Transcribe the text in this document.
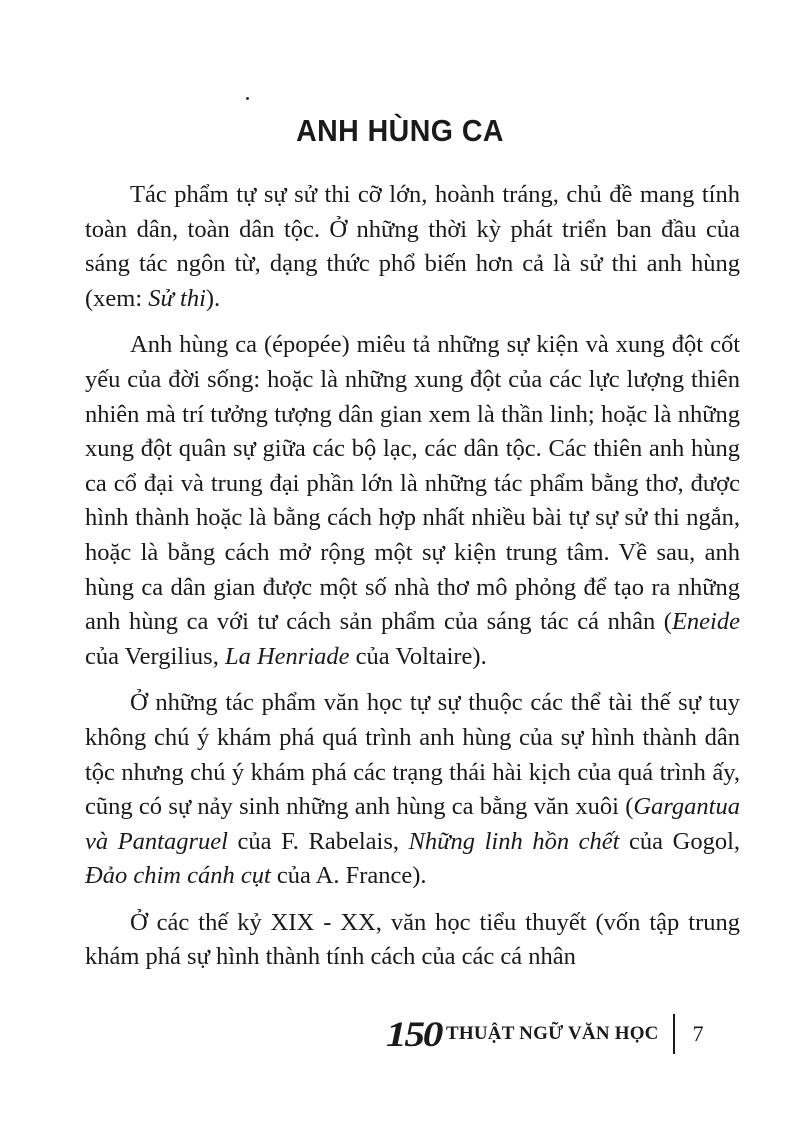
ANH HÙNG CA

Tác phẩm tự sự sử thi cỡ lớn, hoành tráng, chủ đề mang tính toàn dân, toàn dân tộc. Ở những thời kỳ phát triển ban đầu của sáng tác ngôn từ, dạng thức phổ biến hơn cả là sử thi anh hùng (xem: Sử thi).

Anh hùng ca (épopée) miêu tả những sự kiện và xung đột cốt yếu của đời sống: hoặc là những xung đột của các lực lượng thiên nhiên mà trí tưởng tượng dân gian xem là thần linh; hoặc là những xung đột quân sự giữa các bộ lạc, các dân tộc. Các thiên anh hùng ca cổ đại và trung đại phần lớn là những tác phẩm bằng thơ, được hình thành hoặc là bằng cách hợp nhất nhiều bài tự sự sử thi ngắn, hoặc là bằng cách mở rộng một sự kiện trung tâm. Về sau, anh hùng ca dân gian được một số nhà thơ mô phỏng để tạo ra những anh hùng ca với tư cách sản phẩm của sáng tác cá nhân (Eneide của Vergilius, La Henriade của Voltaire).

Ở những tác phẩm văn học tự sự thuộc các thể tài thế sự tuy không chú ý khám phá quá trình anh hùng của sự hình thành dân tộc nhưng chú ý khám phá các trạng thái hài kịch của quá trình ấy, cũng có sự nảy sinh những anh hùng ca bằng văn xuôi (Gargantua và Pantagruel của F. Rabelais, Những linh hồn chết của Gogol, Đảo chim cánh cụt của A. France).

Ở các thế kỷ XIX - XX, văn học tiểu thuyết (vốn tập trung khám phá sự hình thành tính cách của các cá nhân

150 THUẬT NGỮ VĂN HỌC 7
